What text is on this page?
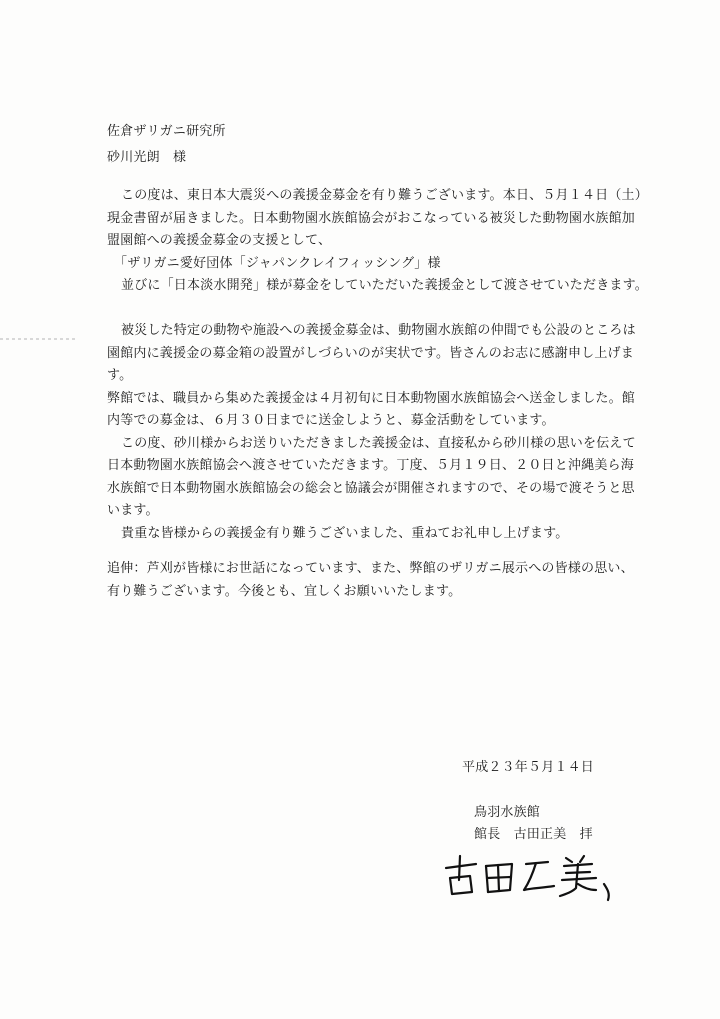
佐倉ザリガニ研究所
砂川光朗　様
この度は、東日本大震災への義援金募金を有り難うございます。本日、５月１４日（土）
現金書留が届きました。日本動物園水族館協会がおこなっている被災した動物園水族館加
盟園館への義援金募金の支援として、
「ザリガニ愛好団体「ジャパンクレイフィッシング」様
並びに「日本淡水開発」様が募金をしていただいた義援金として渡させていただきます。
被災した特定の動物や施設への義援金募金は、動物園水族館の仲間でも公設のところは
園館内に義援金の募金箱の設置がしづらいのが実状です。皆さんのお志に感謝申し上げま
す。
弊館では、職員から集めた義援金は４月初旬に日本動物園水族館協会へ送金しました。館
内等での募金は、６月３０日までに送金しようと、募金活動をしています。
この度、砂川様からお送りいただきました義援金は、直接私から砂川様の思いを伝えて
日本動物園水族館協会へ渡させていただきます。丁度、５月１９日、２０日と沖縄美ら海
水族館で日本動物園水族館協会の総会と協議会が開催されますので、その場で渡そうと思
います。
貴重な皆様からの義援金有り難うございました、重ねてお礼申し上げます。
追伸：芦刈が皆様にお世話になっています、また、弊館のザリガニ展示への皆様の思い、
有り難うございます。今後とも、宜しくお願いいたします。
平成２３年５月１４日
鳥羽水族館
館長　古田正美　拝
